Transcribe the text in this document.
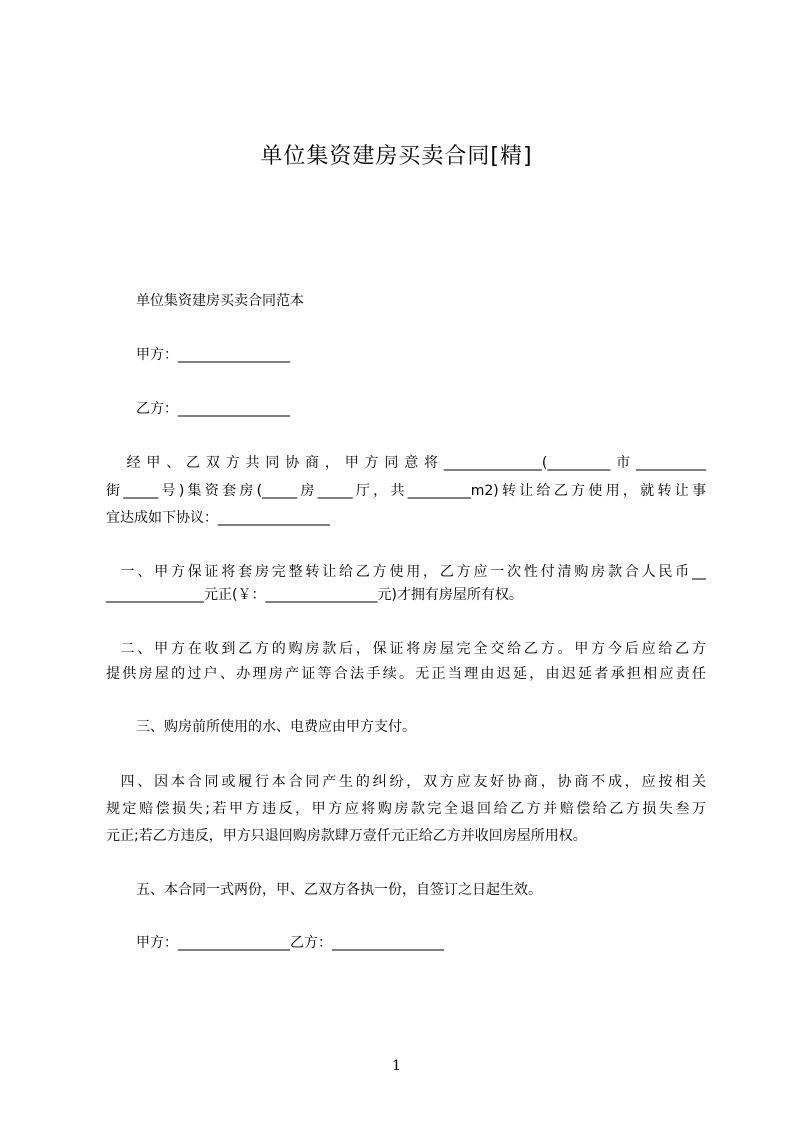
单位集资建房买卖合同[精]

单位集资建房买卖合同范本

甲方：________________

乙方：________________

经甲、乙双方共同协商，甲方同意将______________(_________市__________

街_____号)集资套房(_____房_____厅，共_________m2)转让给乙方使用，就转让事

宜达成如下协议：________________

一、甲方保证将套房完整转让给乙方使用，乙方应一次性付清购房款合人民币__

______________元正(￥：________________元)才拥有房屋所有权。

二、甲方在收到乙方的购房款后，保证将房屋完全交给乙方。甲方今后应给乙方

提供房屋的过户、办理房产证等合法手续。无正当理由迟延，由迟延者承担相应责任

三、购房前所使用的水、电费应由甲方支付。

四、因本合同或履行本合同产生的纠纷，双方应友好协商，协商不成，应按相关

规定赔偿损失;若甲方违反，甲方应将购房款完全退回给乙方并赔偿给乙方损失叁万

元正;若乙方违反，甲方只退回购房款肆万壹仟元正给乙方并收回房屋所用权。

五、本合同一式两份，甲、乙双方各执一份，自签订之日起生效。

甲方：________________乙方：________________

1
